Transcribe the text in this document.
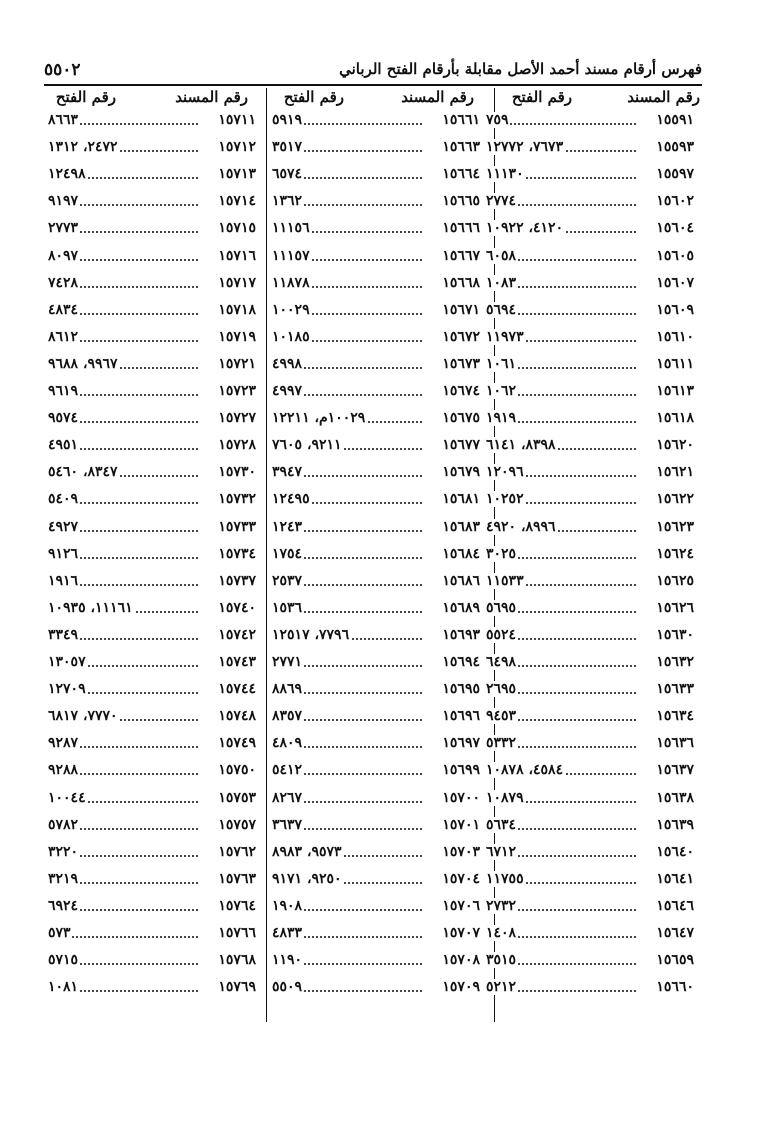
فهرس أرقام مسند أحمد الأصل مقابلة بأرقام الفتح الرباني
٥٥٠٢
رقم المسند
رقم الفتح
رقم المسند
رقم الفتح
رقم المسند
رقم الفتح
١٥٥٩١
٧٥٩
١٥٥٩٣
٧٦٧٣، ١٢٧٧٢
١٥٥٩٧
١١١٣٠
١٥٦٠٢
٢٧٧٤
١٥٦٠٤
٤١٢٠، ١٠٩٢٢
١٥٦٠٥
٦٠٥٨
١٥٦٠٧
١٠٨٣
١٥٦٠٩
٥٦٩٤
١٥٦١٠
١١٩٧٣
١٥٦١١
١٠٦١
١٥٦١٣
١٠٦٢
١٥٦١٨
١٩١٩
١٥٦٢٠
٨٣٩٨، ٦١٤١
١٥٦٢١
١٢٠٩٦
١٥٦٢٢
١٠٢٥٢
١٥٦٢٣
٨٩٩٦، ٤٩٢٠
١٥٦٢٤
٣٠٢٥
١٥٦٢٥
١١٥٣٣
١٥٦٢٦
٥٦٩٥
١٥٦٣٠
٥٥٢٤
١٥٦٣٢
٦٤٩٨
١٥٦٣٣
٢٦٩٥
١٥٦٣٤
٩٤٥٣
١٥٦٣٦
٥٣٣٢
١٥٦٣٧
٤٥٨٤، ١٠٨٧٨
١٥٦٣٨
١٠٨٧٩
١٥٦٣٩
٥٦٣٤
١٥٦٤٠
٦٧١٢
١٥٦٤١
١١٧٥٥
١٥٦٤٦
٢٧٣٢
١٥٦٤٧
١٤٠٨
١٥٦٥٩
٣٥١٥
١٥٦٦٠
٥٢١٢
١٥٦٦١
٥٩١٩
١٥٦٦٣
٣٥١٧
١٥٦٦٤
٦٥٧٤
١٥٦٦٥
١٣٦٢
١٥٦٦٦
١١١٥٦
١٥٦٦٧
١١١٥٧
١٥٦٦٨
١١٨٧٨
١٥٦٧١
١٠٠٢٩
١٥٦٧٢
١٠١٨٥
١٥٦٧٣
٤٩٩٨
١٥٦٧٤
٤٩٩٧
١٥٦٧٥
١٠٠٢٩م، ١٢٢١١
١٥٦٧٧
٩٢١١، ٧٦٠٥
١٥٦٧٩
٣٩٤٧
١٥٦٨١
١٢٤٩٥
١٥٦٨٣
١٢٤٣
١٥٦٨٤
١٧٥٤
١٥٦٨٦
٢٥٣٧
١٥٦٨٩
١٥٣٦
١٥٦٩٣
٧٧٩٦، ١٢٥١٧
١٥٦٩٤
٢٧٧١
١٥٦٩٥
٨٨٦٩
١٥٦٩٦
٨٣٥٧
١٥٦٩٧
٤٨٠٩
١٥٦٩٩
٥٤١٢
١٥٧٠٠
٨٢٦٧
١٥٧٠١
٣٦٣٧
١٥٧٠٣
٩٥٧٣، ٨٩٨٣
١٥٧٠٤
٩٢٥٠، ٩١٧١
١٥٧٠٦
١٩٠٨
١٥٧٠٧
٤٨٣٣
١٥٧٠٨
١١٩٠
١٥٧٠٩
٥٥٠٩
١٥٧١١
٨٦٦٣
١٥٧١٢
٢٤٧٢، ١٣١٢
١٥٧١٣
١٢٤٩٨
١٥٧١٤
٩١٩٧
١٥٧١٥
٢٧٧٣
١٥٧١٦
٨٠٩٧
١٥٧١٧
٧٤٢٨
١٥٧١٨
٤٨٣٤
١٥٧١٩
٨٦١٢
١٥٧٢١
٩٩٦٧، ٩٦٨٨
١٥٧٢٣
٩٦١٩
١٥٧٢٧
٩٥٧٤
١٥٧٢٨
٤٩٥١
١٥٧٣٠
٨٣٤٧، ٥٤٦٠
١٥٧٣٢
٥٤٠٩
١٥٧٣٣
٤٩٢٧
١٥٧٣٤
٩١٢٦
١٥٧٣٧
١٩١٦
١٥٧٤٠
١١١٦١، ١٠٩٣٥
١٥٧٤٢
٣٣٤٩
١٥٧٤٣
١٣٠٥٧
١٥٧٤٤
١٢٧٠٩
١٥٧٤٨
٧٧٧٠، ٦٨١٧
١٥٧٤٩
٩٢٨٧
١٥٧٥٠
٩٢٨٨
١٥٧٥٣
١٠٠٤٤
١٥٧٥٧
٥٧٨٢
١٥٧٦٢
٣٢٢٠
١٥٧٦٣
٣٢١٩
١٥٧٦٤
٦٩٢٤
١٥٧٦٦
٥٧٣
١٥٧٦٨
٥٧١٥
١٥٧٦٩
١٠٨١
